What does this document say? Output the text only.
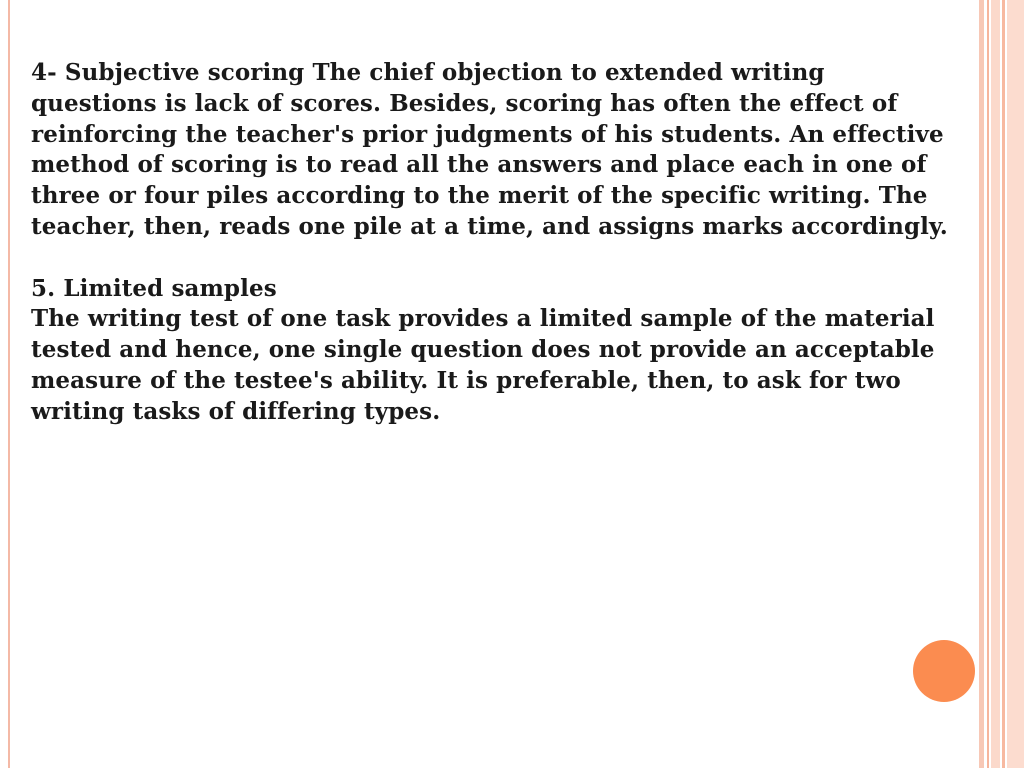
4- Subjective scoring The chief objection to extended writing
questions is lack of scores. Besides, scoring has often the effect of
reinforcing the teacher's prior judgments of his students. An effective
method of scoring is to read all the answers and place each in one of
three or four piles according to the merit of the specific writing. The
teacher, then, reads one pile at a time, and assigns marks accordingly.
5. Limited samples
The writing test of one task provides a limited sample of the material
tested and hence, one single question does not provide an acceptable
measure of the testee's ability. It is preferable, then, to ask for two
writing tasks of differing types.
